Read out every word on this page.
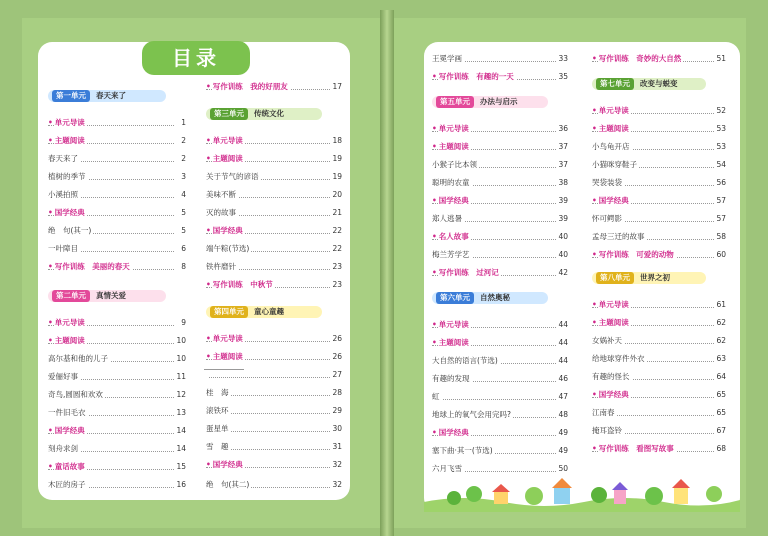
目录
第一单元 春天来了
• 单元导读	1
• 主题阅读	2
春天来了	2
植树的季节	3
小溪拍照	4
• 国学经典	5
绝　句(其一)	5
一叶障目	6
• 写作训练　美丽的春天	8
第二单元 真情关爱
• 单元导读	9
• 主题阅读	10
高尔基和他的儿子	10
爱俪好事	11
奇鸟,圆圆和欢欢	12
一件旧毛衣	13
• 国学经典	14
刻舟求剑	14
• 童话故事	15
木匠的房子	16
• 写作训练　我的好朋友	17
第三单元 传统文化
• 单元导读	18
• 主题阅读	19
关于节气的谚语	19
美味不断	20
灭的故事	21
• 国学经典	22
端午粽(节选)	22
铁杵磨针	23
• 写作训练　中秋节	23
第四单元 童心童趣
• 单元导读	26
• 主题阅读	26
27
桂　海	28
滚铁环	29
蛋星单	30
雪　趣	31
• 国学经典	32
绝　句(其二)	32
王冕学画	33
• 写作训练　有趣的一天	35
第五单元 办法与启示
• 单元导读	36
• 主题阅读	37
小猴子比本领	37
聪明的农童	38
• 国学经典	39
郑人逃暑	39
• 名人故事	40
梅兰芳学艺	40
• 写作训练　过河记	42
第六单元 自然奥秘
• 单元导读	44
• 主题阅读	44
大自然的语言(节选)	44
有趣的发现	46
虹	47
地球上的氧气会用完吗?	48
• 国学经典	49
塞下曲·其一(节选)	49
六月飞雪	50
• 写作训练　奇妙的大自然	51
第七单元 改变与蜕变
• 单元导读	52
• 主题阅读	53
小鸟龟开店	53
小猫咪穿鞋子	54
哭袋装袋	56
• 国学经典	57
怀可鳄影	57
孟母三迁的故事	58
• 写作训练　可爱的动物	60
第八单元 世界之初
• 单元导读	61
• 主题阅读	62
女娲补天	62
给地球穿件外衣	63
有趣的怪长	64
• 国学经典	65
江南春	65
掩耳盗铃	67
• 写作训练　看图写故事	68
